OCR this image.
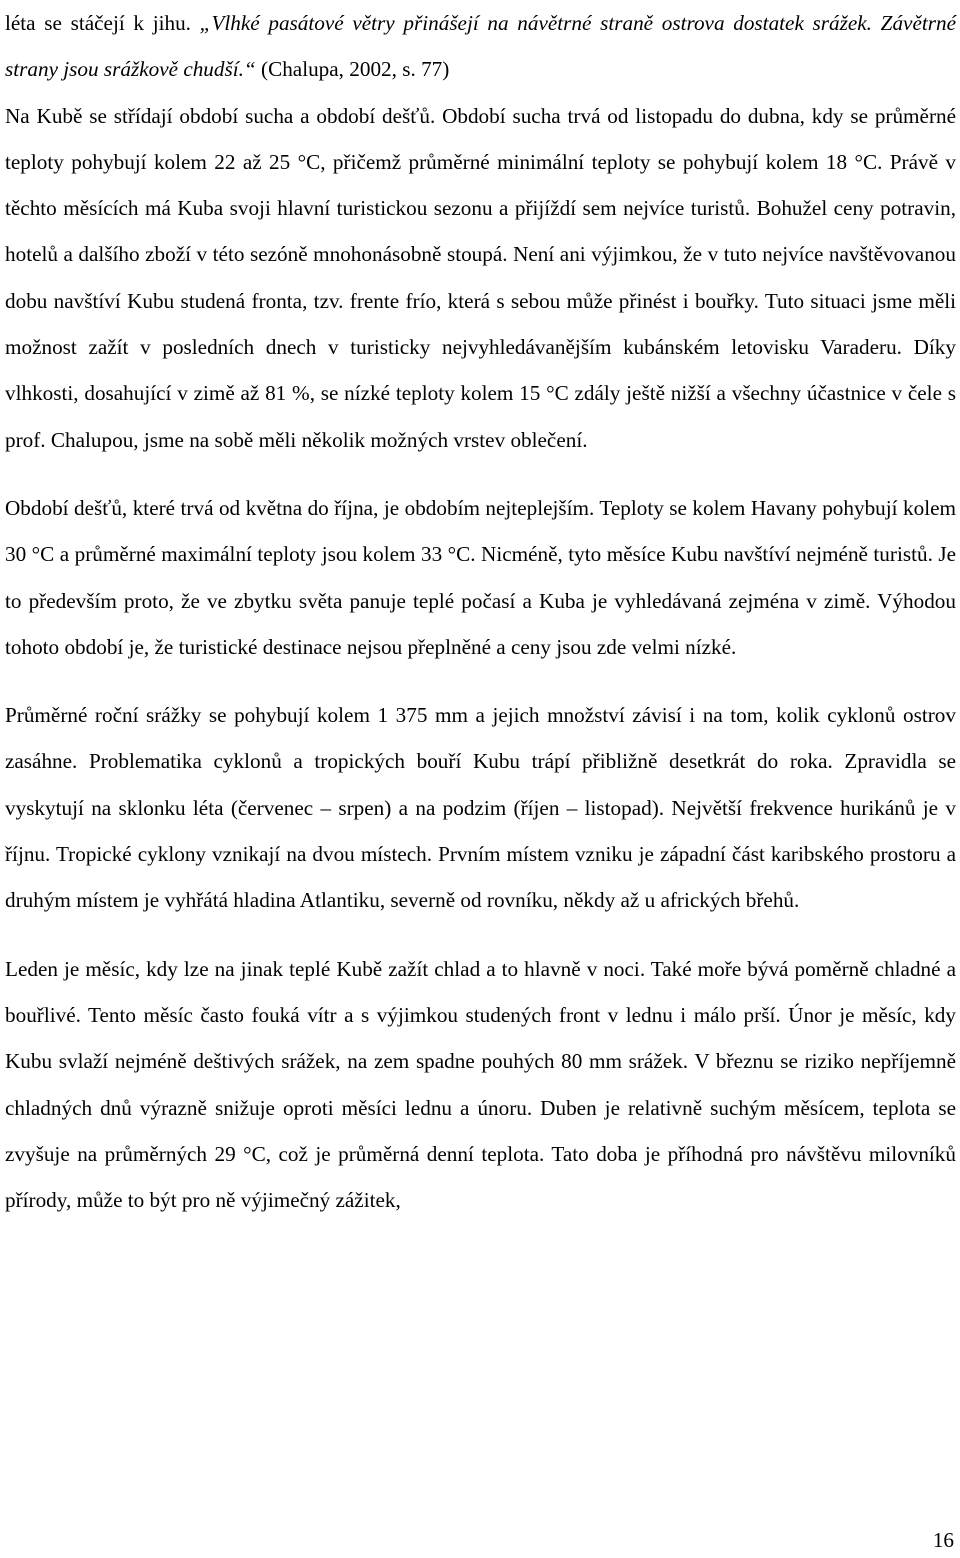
léta se stáčejí k jihu. „Vlhké pasátové větry přinášejí na návětrné straně ostrova dostatek srážek. Závětrné strany jsou srážkově chudší.“ (Chalupa, 2002, s. 77)

Na Kubě se střídají období sucha a období dešťů. Období sucha trvá od listopadu do dubna, kdy se průměrné teploty pohybují kolem 22 až 25 °C, přičemž průměrné minimální teploty se pohybují kolem 18 °C. Právě v těchto měsících má Kuba svoji hlavní turistickou sezonu a přijíždí sem nejvíce turistů. Bohužel ceny potravin, hotelů a dalšího zboží v této sezóně mnohonásobně stoupá. Není ani výjimkou, že v tuto nejvíce navštěvovanou dobu navštíví Kubu studená fronta, tzv. frente frío, která s sebou může přinést i bouřky. Tuto situaci jsme měli možnost zažít v posledních dnech v turisticky nejvyhledávanějším kubánském letovisku Varaderu. Díky vlhkosti, dosahující v zimě až 81 %, se nízké teploty kolem 15 °C zdály ještě nižší a všechny účastnice v čele s prof. Chalupou, jsme na sobě měli několik možných vrstev oblečení.

Období dešťů, které trvá od května do října, je obdobím nejteplejším. Teploty se kolem Havany pohybují kolem 30 °C a průměrné maximální teploty jsou kolem 33 °C. Nicméně, tyto měsíce Kubu navštíví nejméně turistů. Je to především proto, že ve zbytku světa panuje teplé počasí a Kuba je vyhledávaná zejména v zimě. Výhodou tohoto období je, že turistické destinace nejsou přeplněné a ceny jsou zde velmi nízké.

Průměrné roční srážky se pohybují kolem 1 375 mm a jejich množství závisí i na tom, kolik cyklonů ostrov zasáhne. Problematika cyklonů a tropických bouří Kubu trápí přibližně desetkrát do roka. Zpravidla se vyskytují na sklonku léta (červenec – srpen) a na podzim (říjen – listopad). Největší frekvence hurikánů je v říjnu. Tropické cyklony vznikají na dvou místech. Prvním místem vzniku je západní část karibského prostoru a druhým místem je vyhřátá hladina Atlantiku, severně od rovníku, někdy až u afrických břehů.

Leden je měsíc, kdy lze na jinak teplé Kubě zažít chlad a to hlavně v noci. Také moře bývá poměrně chladné a bouřlivé. Tento měsíc často fouká vítr a s výjimkou studených front v lednu i málo prší. Únor je měsíc, kdy Kubu svlaží nejméně deštivých srážek, na zem spadne pouhých 80 mm srážek. V březnu se riziko nepříjemně chladných dnů výrazně snižuje oproti měsíci lednu a únoru. Duben je relativně suchým měsícem, teplota se zvyšuje na průměrných 29 °C, což je průměrná denní teplota. Tato doba je příhodná pro návštěvu milovníků přírody, může to být pro ně výjimečný zážitek,

16
